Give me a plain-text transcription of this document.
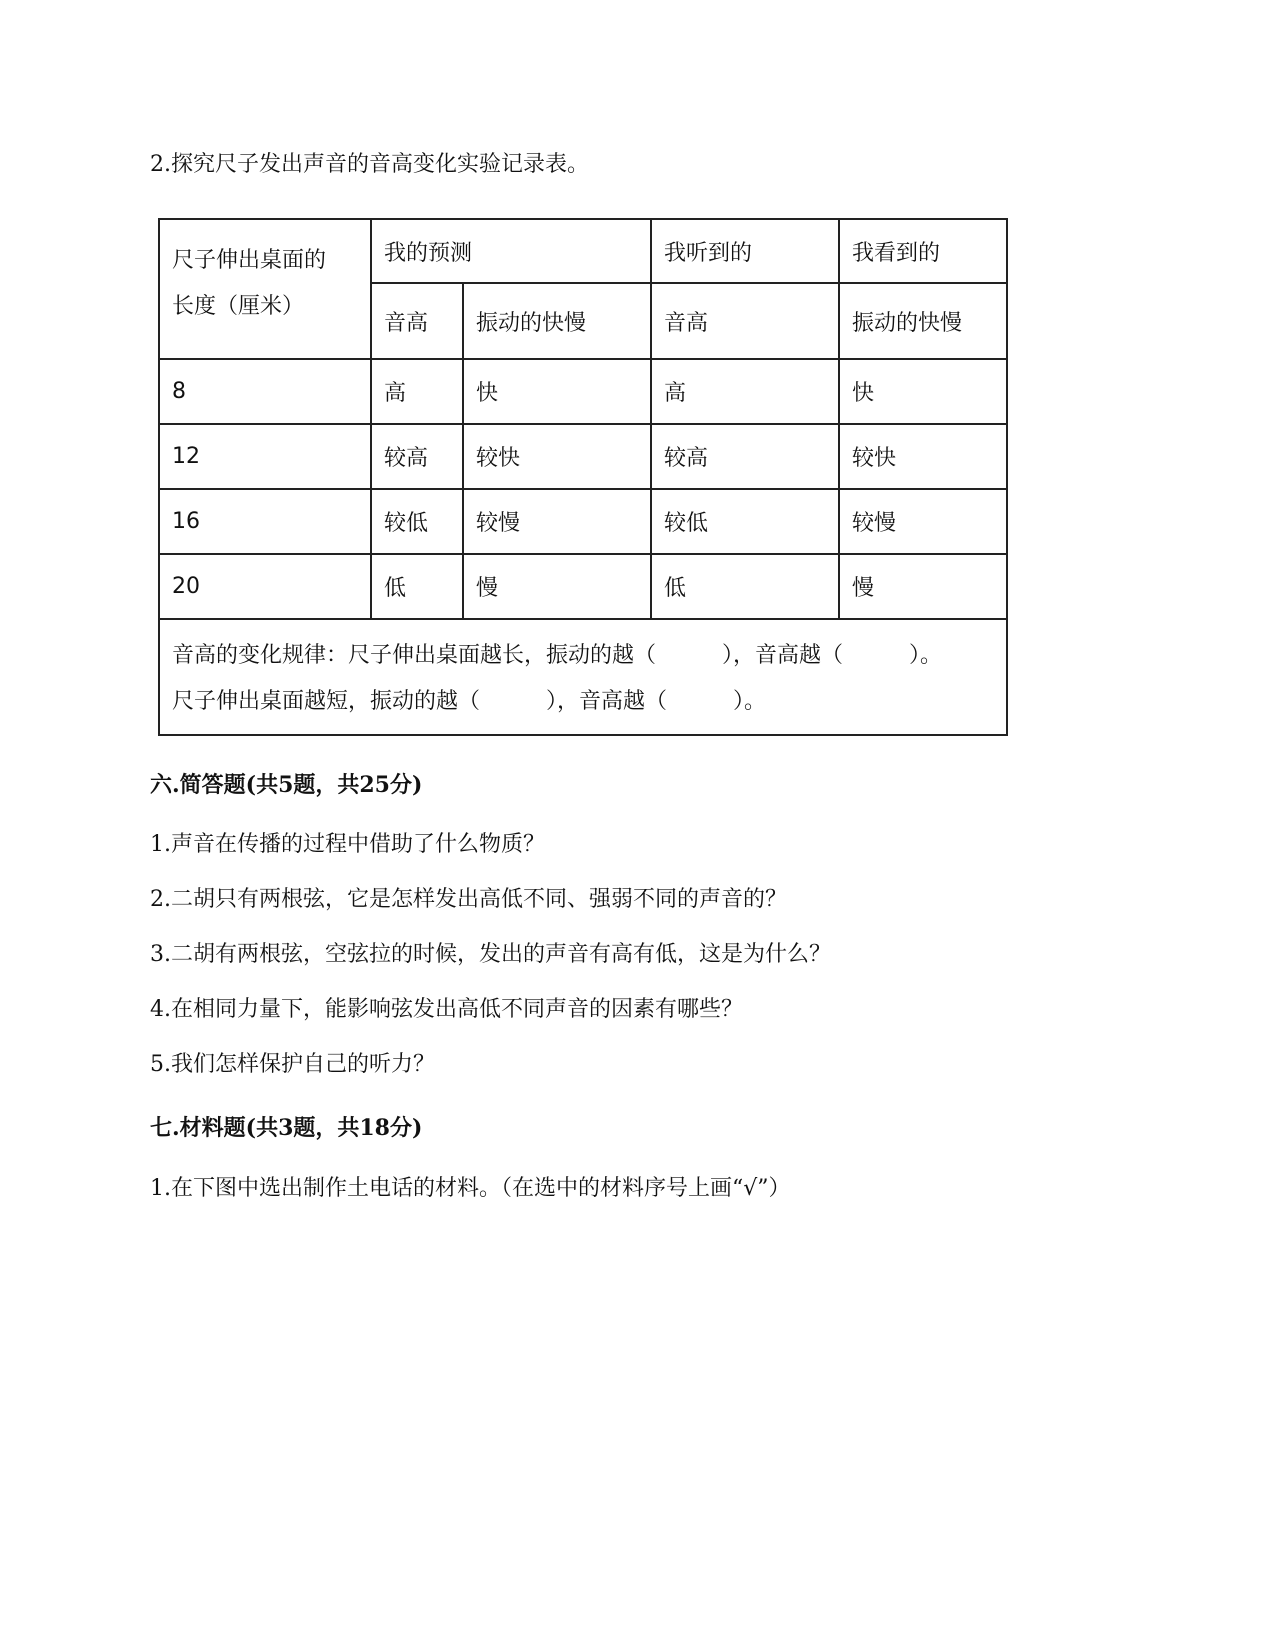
2.探究尺子发出声音的音高变化实验记录表。
尺子伸出桌面的
长度（厘米）	我的预测		我听到的	我看到的
	音高	振动的快慢	音高	振动的快慢
8	高	快	高	快
12	较高	较快	较高	较快
16	较低	较慢	较低	较慢
20	低	慢	低	慢

音高的变化规律：尺子伸出桌面越长，振动的越（　　　），音高越（　　　）。
尺子伸出桌面越短，振动的越（　　　），音高越（　　　）。				
六.简答题(共5题，共25分)
1.声音在传播的过程中借助了什么物质？
2.二胡只有两根弦，它是怎样发出高低不同、强弱不同的声音的？
3.二胡有两根弦，空弦拉的时候，发出的声音有高有低，这是为什么？
4.在相同力量下，能影响弦发出高低不同声音的因素有哪些？
5.我们怎样保护自己的听力？
七.材料题(共3题，共18分)
1.在下图中选出制作土电话的材料。（在选中的材料序号上画“√”）
